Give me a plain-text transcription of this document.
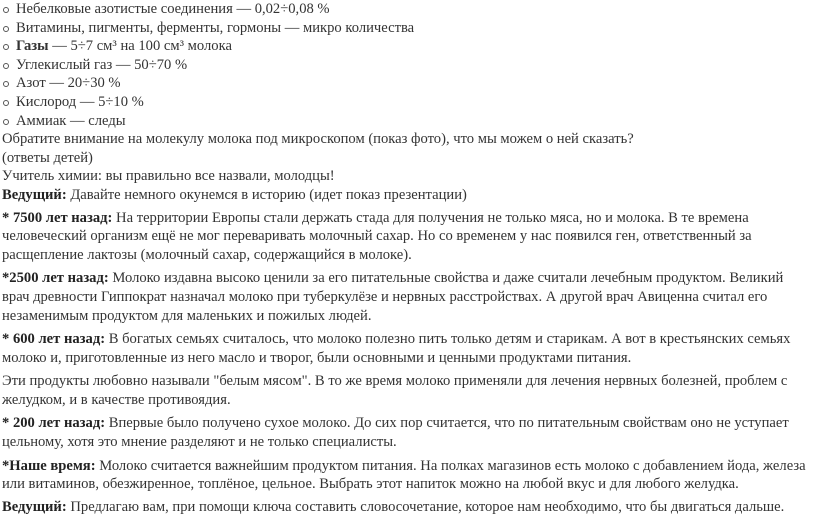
Небелковые азотистые соединения — 0,02÷0,08 %
Витамины, пигменты, ферменты, гормоны — микро количества
Газы — 5÷7 см³ на 100 см³ молока
Углекислый газ — 50÷70 %
Азот — 20÷30 %
Кислород — 5÷10 %
Аммиак — следы

Обратите внимание на молекулу молока под микроскопом (показ фото), что мы можем о ней сказать?

(ответы детей)

Учитель химии: вы правильно все назвали, молодцы!

Ведущий: Давайте немного окунемся в историю (идет показ презентации)

* 7500 лет назад: На территории Европы стали держать стада для получения не только мяса, но и молока. В те времена человеческий организм ещё не мог переваривать молочный сахар. Но со временем у нас появился ген, ответственный за расщепление лактозы (молочный сахар, содержащийся в молоке).

*2500 лет назад: Молоко издавна высоко ценили за его питательные свойства и даже считали лечебным продуктом. Великий врач древности Гиппократ назначал молоко при туберкулёзе и нервных расстройствах. А другой врач Авиценна считал его незаменимым продуктом для маленьких и пожилых людей.

* 600 лет назад: В богатых семьях считалось, что молоко полезно пить только детям и старикам. А вот в крестьянских семьях молоко и, приготовленные из него масло и творог, были основными и ценными продуктами питания.

Эти продукты любовно называли "белым мясом". В то же время молоко применяли для лечения нервных болезней, проблем с желудком, и в качестве противоядия.

* 200 лет назад: Впервые было получено сухое молоко. До сих пор считается, что по питательным свойствам оно не уступает цельному, хотя это мнение разделяют и не только специалисты.

*Наше время: Молоко считается важнейшим продуктом питания. На полках магазинов есть молоко с добавлением йода, железа или витаминов, обезжиренное, топлёное, цельное. Выбрать этот напиток можно на любой вкус и для любого желудка.

Ведущий: Предлагаю вам, при помощи ключа составить словосочетание, которое нам необходимо, что бы двигаться дальше.
